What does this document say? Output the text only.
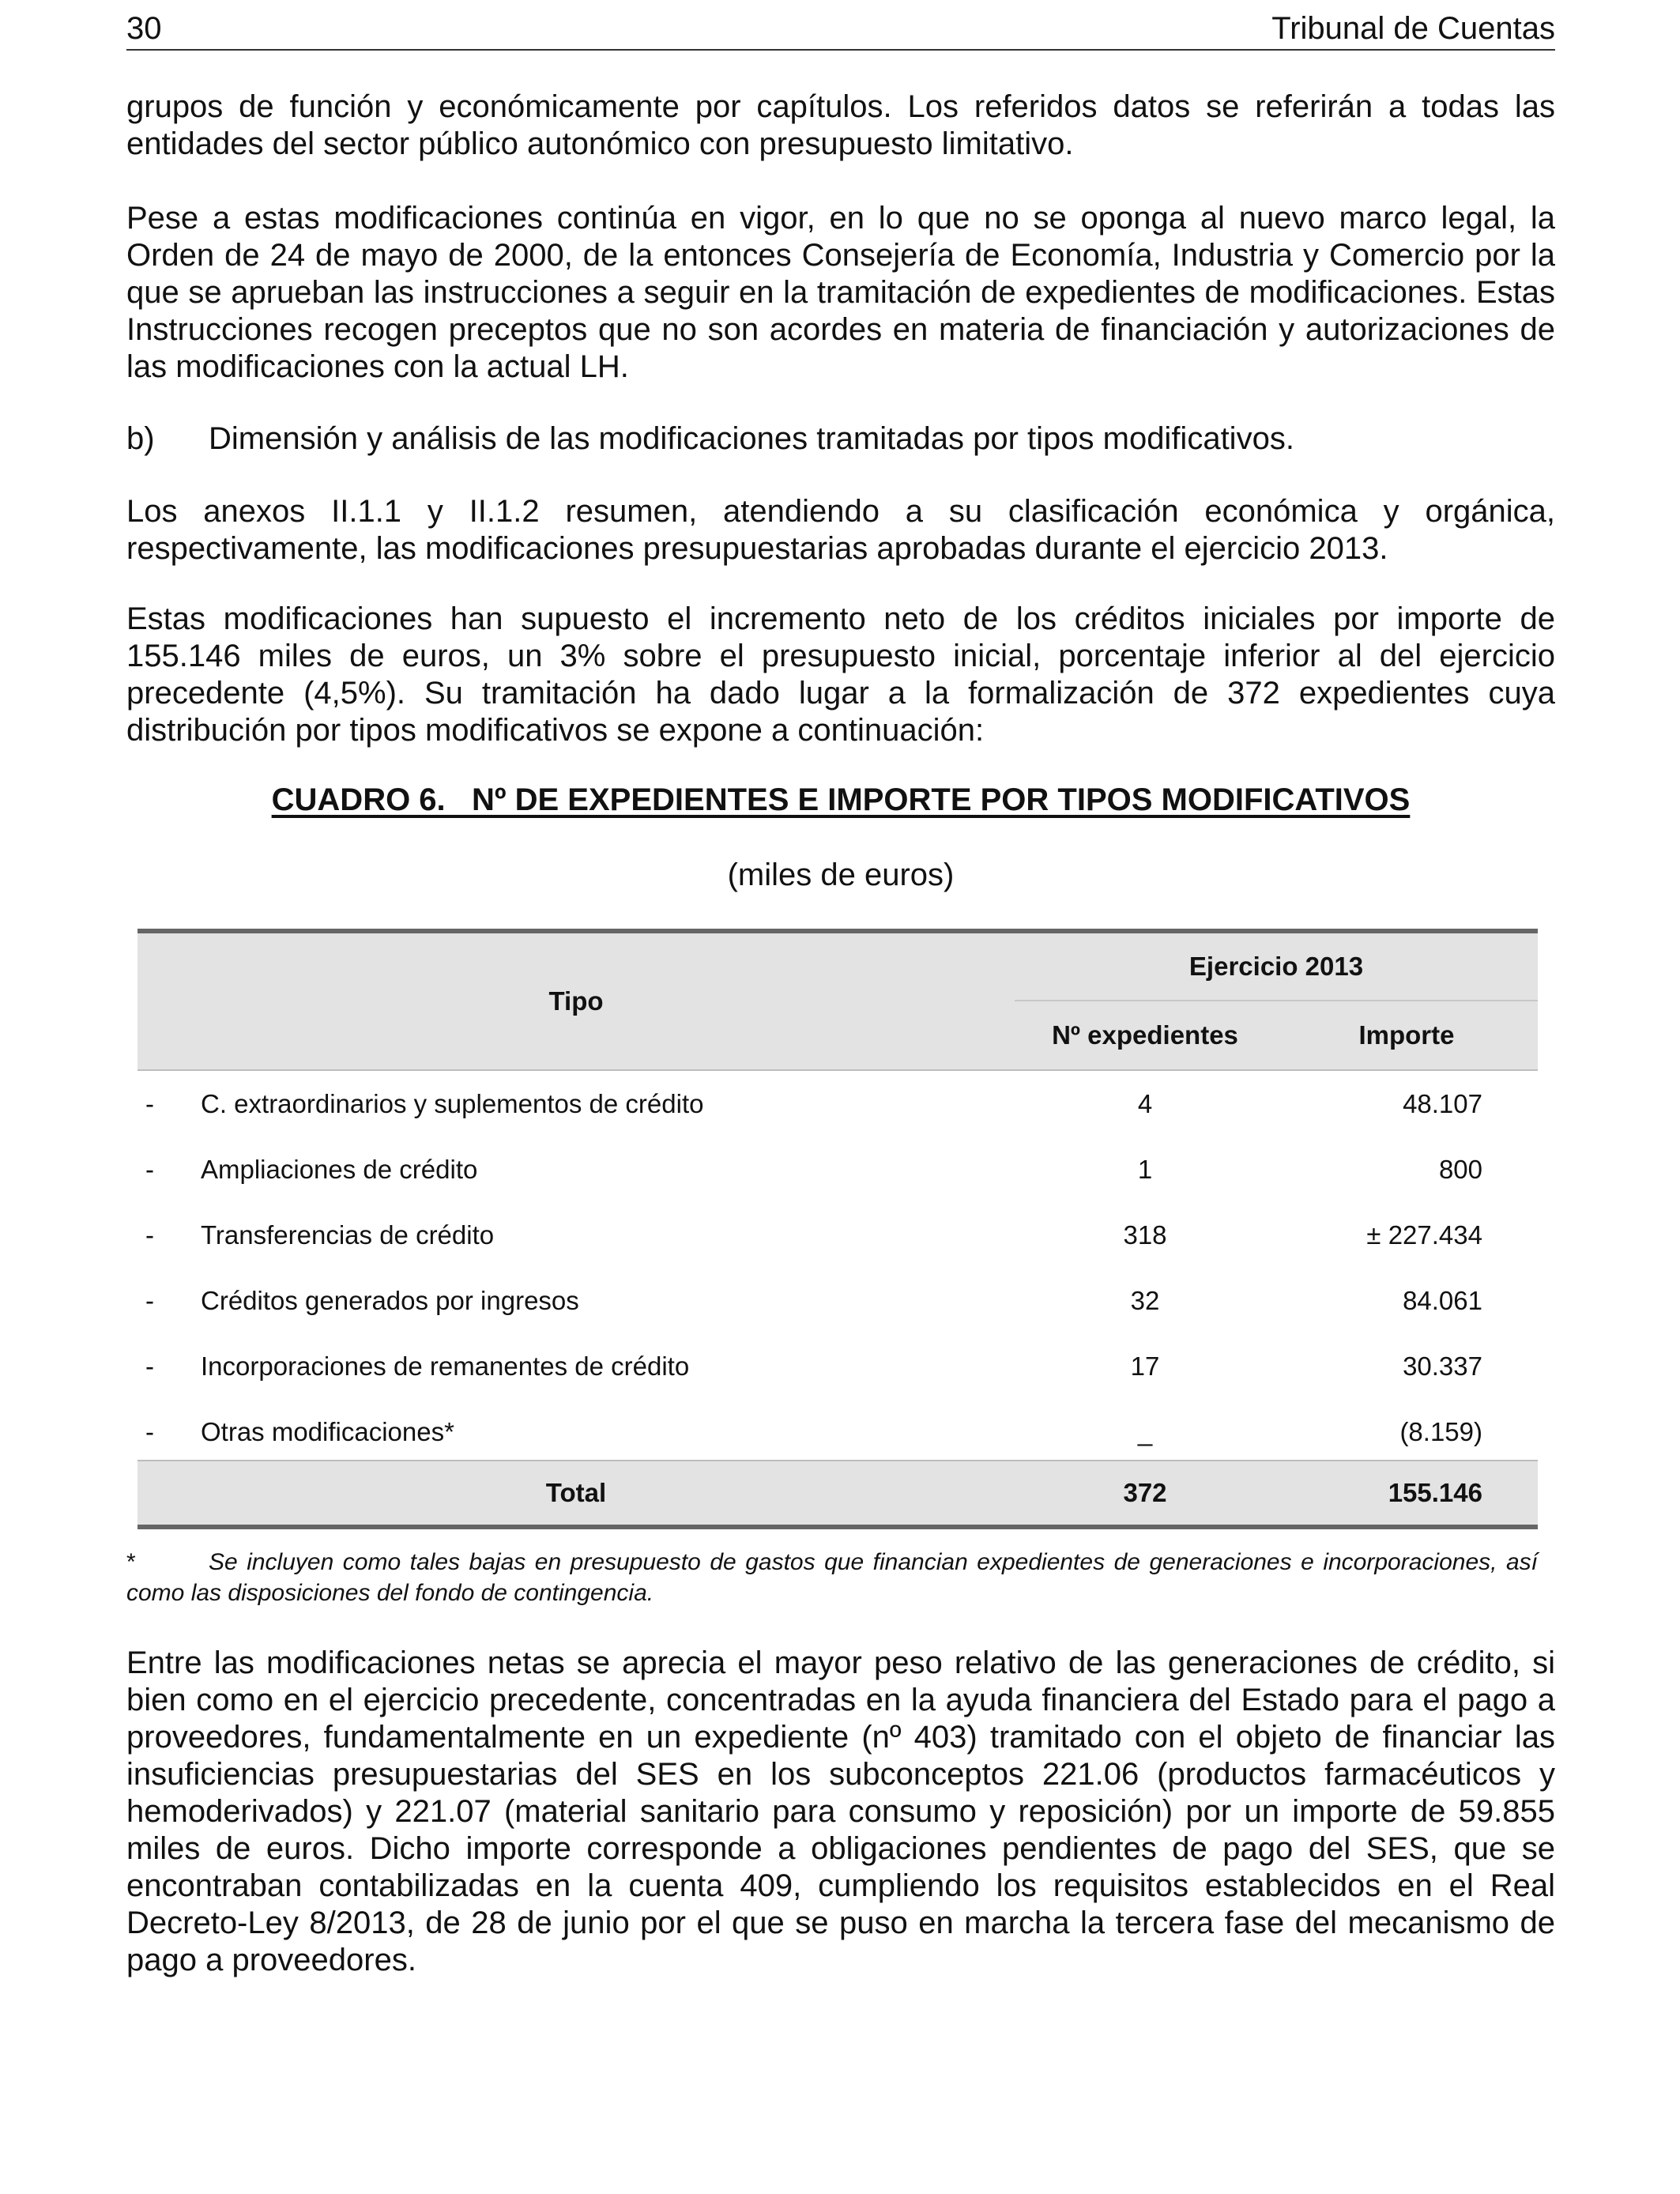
30	Tribunal de Cuentas

grupos de función y económicamente por capítulos. Los referidos datos se referirán a todas las entidades del sector público autonómico con presupuesto limitativo.

Pese a estas modificaciones continúa en vigor, en lo que no se oponga al nuevo marco legal, la Orden de 24 de mayo de 2000, de la entonces Consejería de Economía, Industria y Comercio por la que se aprueban las instrucciones a seguir en la tramitación de expedientes de modificaciones. Estas Instrucciones recogen preceptos que no son acordes en materia de financiación y autorizaciones de las modificaciones con la actual LH.

b) Dimensión y análisis de las modificaciones tramitadas por tipos modificativos.

Los anexos II.1.1 y II.1.2 resumen, atendiendo a su clasificación económica y orgánica, respectivamente, las modificaciones presupuestarias aprobadas durante el ejercicio 2013.

Estas modificaciones han supuesto el incremento neto de los créditos iniciales por importe de 155.146 miles de euros, un 3% sobre el presupuesto inicial, porcentaje inferior al del ejercicio precedente (4,5%). Su tramitación ha dado lugar a la formalización de 372 expedientes cuya distribución por tipos modificativos se expone a continuación:

CUADRO 6.   Nº DE EXPEDIENTES E IMPORTE POR TIPOS MODIFICATIVOS
(miles de euros)
Tipo
Ejercicio 2013
Nº expedientes	Importe
- C. extraordinarios y suplementos de crédito	4	48.107
- Ampliaciones de crédito	1	800
- Transferencias de crédito	318	± 227.434
- Créditos generados por ingresos	32	84.061
- Incorporaciones de remanentes de crédito	17	30.337
- Otras modificaciones*	_	(8.159)
Total	372	155.146

*	Se incluyen como tales bajas en presupuesto de gastos que financian expedientes de generaciones e incorporaciones, así como las disposiciones del fondo de contingencia.

Entre las modificaciones netas se aprecia el mayor peso relativo de las generaciones de crédito, si bien como en el ejercicio precedente, concentradas en la ayuda financiera del Estado para el pago a proveedores, fundamentalmente en un expediente (nº 403) tramitado con el objeto de financiar las insuficiencias presupuestarias del SES en los subconceptos 221.06 (productos farmacéuticos y hemoderivados) y 221.07 (material sanitario para consumo y reposición) por un importe de 59.855 miles de euros. Dicho importe corresponde a obligaciones pendientes de pago del SES, que se encontraban contabilizadas en la cuenta 409, cumpliendo los requisitos establecidos en el Real Decreto-Ley 8/2013, de 28 de junio por el que se puso en marcha la tercera fase del mecanismo de pago a proveedores.
